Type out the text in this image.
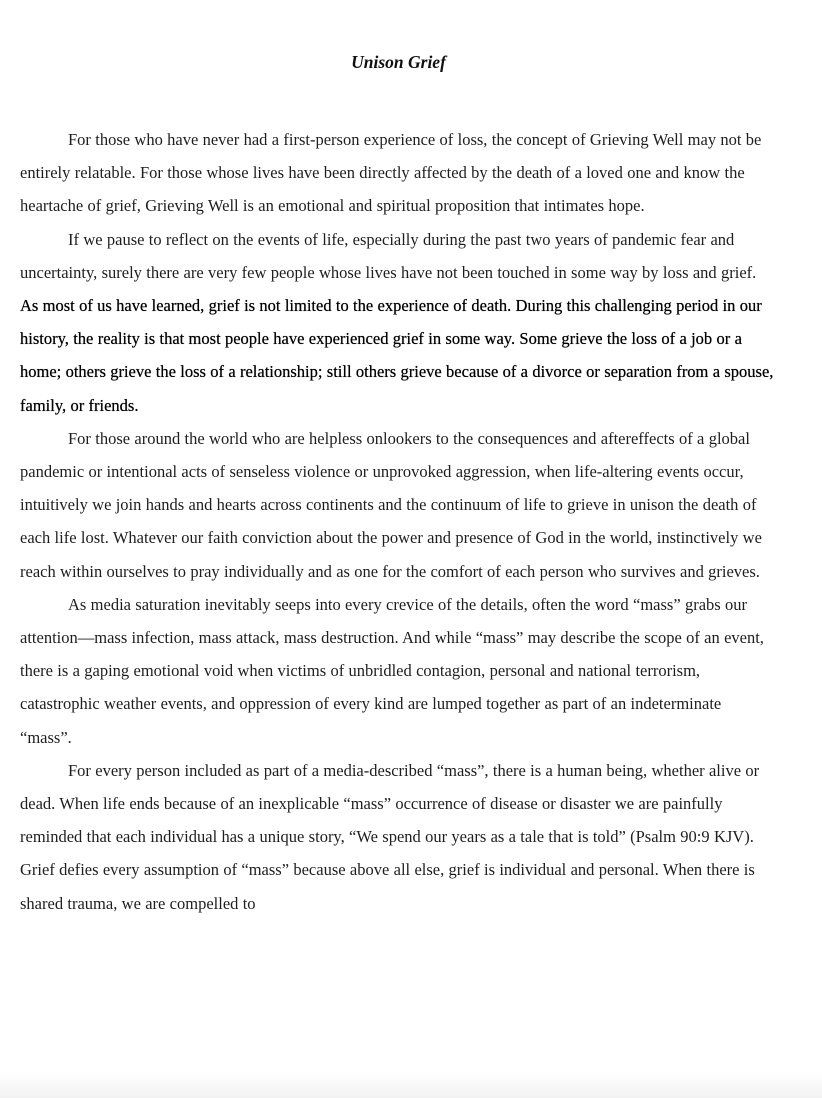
Unison Grief

For those who have never had a first-person experience of loss, the concept of Grieving Well may not be entirely relatable. For those whose lives have been directly affected by the death of a loved one and know the heartache of grief, Grieving Well is an emotional and spiritual proposition that intimates hope.

If we pause to reflect on the events of life, especially during the past two years of pandemic fear and uncertainty, surely there are very few people whose lives have not been touched in some way by loss and grief. As most of us have learned, grief is not limited to the experience of death. During this challenging period in our history, the reality is that most people have experienced grief in some way. Some grieve the loss of a job or a home; others grieve the loss of a relationship; still others grieve because of a divorce or separation from a spouse, family, or friends.

For those around the world who are helpless onlookers to the consequences and aftereffects of a global pandemic or intentional acts of senseless violence or unprovoked aggression, when life-altering events occur, intuitively we join hands and hearts across continents and the continuum of life to grieve in unison the death of each life lost. Whatever our faith conviction about the power and presence of God in the world, instinctively we reach within ourselves to pray individually and as one for the comfort of each person who survives and grieves.

As media saturation inevitably seeps into every crevice of the details, often the word “mass” grabs our attention—mass infection, mass attack, mass destruction. And while “mass” may describe the scope of an event, there is a gaping emotional void when victims of unbridled contagion, personal and national terrorism, catastrophic weather events, and oppression of every kind are lumped together as part of an indeterminate “mass”.

For every person included as part of a media-described “mass”, there is a human being, whether alive or dead. When life ends because of an inexplicable “mass” occurrence of disease or disaster we are painfully reminded that each individual has a unique story, “We spend our years as a tale that is told” (Psalm 90:9 KJV). Grief defies every assumption of “mass” because above all else, grief is individual and personal. When there is shared trauma, we are compelled to
